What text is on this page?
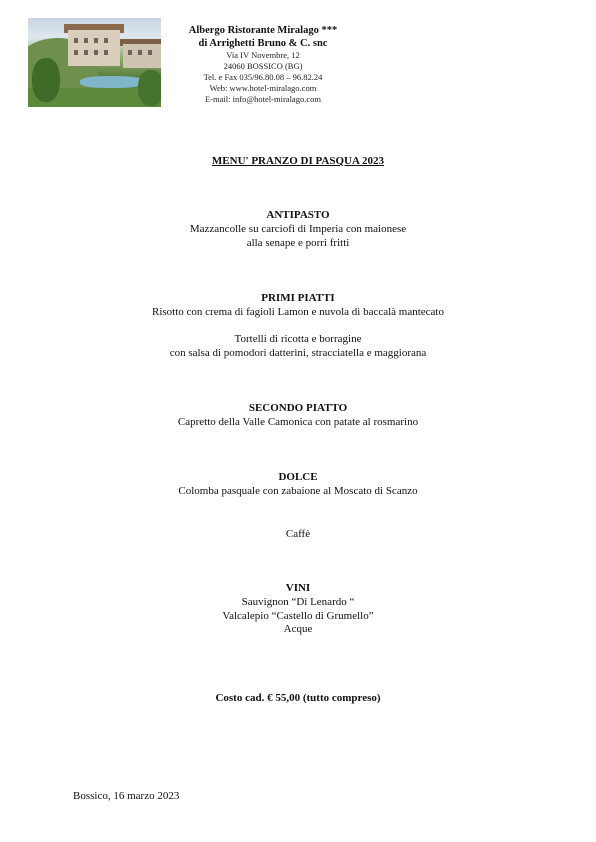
Albergo Ristorante Miralago ***
di Arrighetti Bruno & C. snc
Via IV Novembre, 12
24060 BOSSICO (BG)
Tel. e Fax 035/96.80.08 – 96.82.24
Web: www.hotel-miralago.com
E-mail: info@hotel-miralago.com
MENU' PRANZO DI PASQUA 2023
ANTIPASTO
Mazzancolle su carciofi di Imperia con maionese
alla senape e porri fritti
PRIMI PIATTI
Risotto con crema di fagioli Lamon e nuvola di baccalà mantecato
Tortelli di ricotta e borragine
con salsa di pomodori datterini, stracciatella e maggiorana
SECONDO PIATTO
Capretto della Valle Camonica con patate al rosmarino
DOLCE
Colomba pasquale con zabaione al Moscato di Scanzo
Caffè
VINI
Sauvignon “Di Lenardo “
Valcalepio “Castello di Grumello”
Acque
Costo cad. € 55,00 (tutto compreso)
Bossico, 16 marzo 2023
